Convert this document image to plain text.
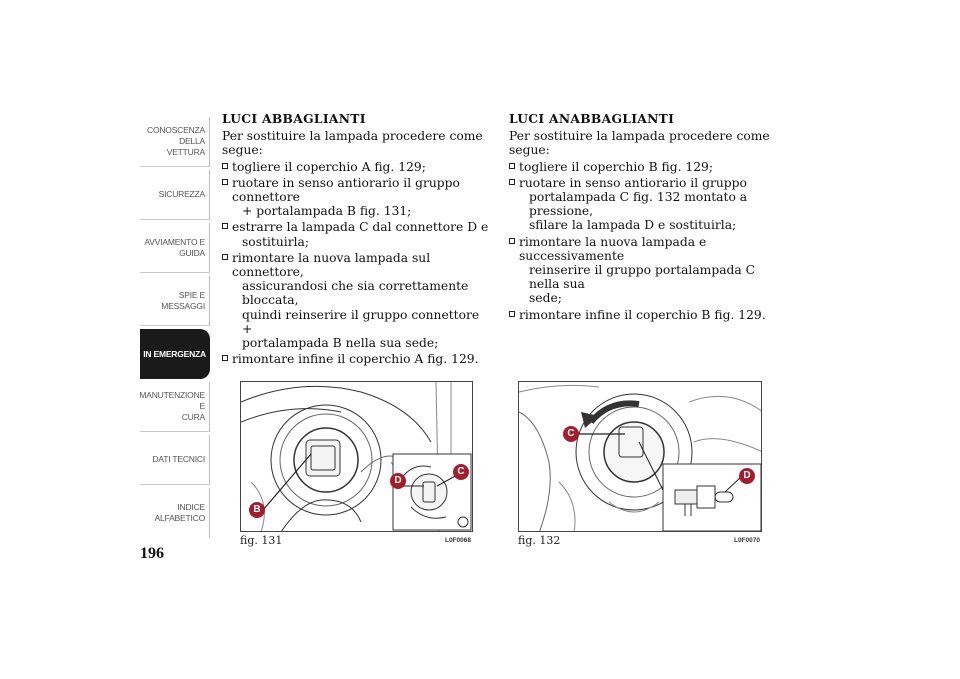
CONOSCENZA
DELLA VETTURA
SICUREZZA
AVVIAMENTO E
GUIDA
SPIE E MESSAGGI
IN EMERGENZA
MANUTENZIONE E
CURA
DATI TECNICI
INDICE
ALFABETICO
196
LUCI ABBAGLIANTI
Per sostituire la lampada procedere come segue:
togliere il coperchio A fig. 129;
ruotare in senso antiorario il gruppo connettore
+ portalampada B fig. 131;
estrarre la lampada C dal connettore D e
sostituirla;
rimontare la nuova lampada sul connettore,
assicurandosi che sia correttamente bloccata,
quindi reinserire il gruppo connettore +
portalampada B nella sua sede;
rimontare infine il coperchio A fig. 129.
LUCI ANABBAGLIANTI
Per sostituire la lampada procedere come segue:
togliere il coperchio B fig. 129;
ruotare in senso antiorario il gruppo
portalampada C fig. 132 montato a pressione,
sfilare la lampada D e sostituirla;
rimontare la nuova lampada e successivamente
reinserire il gruppo portalampada C nella sua
sede;
rimontare infine il coperchio B fig. 129.
B
D
C
fig. 131	L0F0068
C
D
fig. 132	L0F0070
